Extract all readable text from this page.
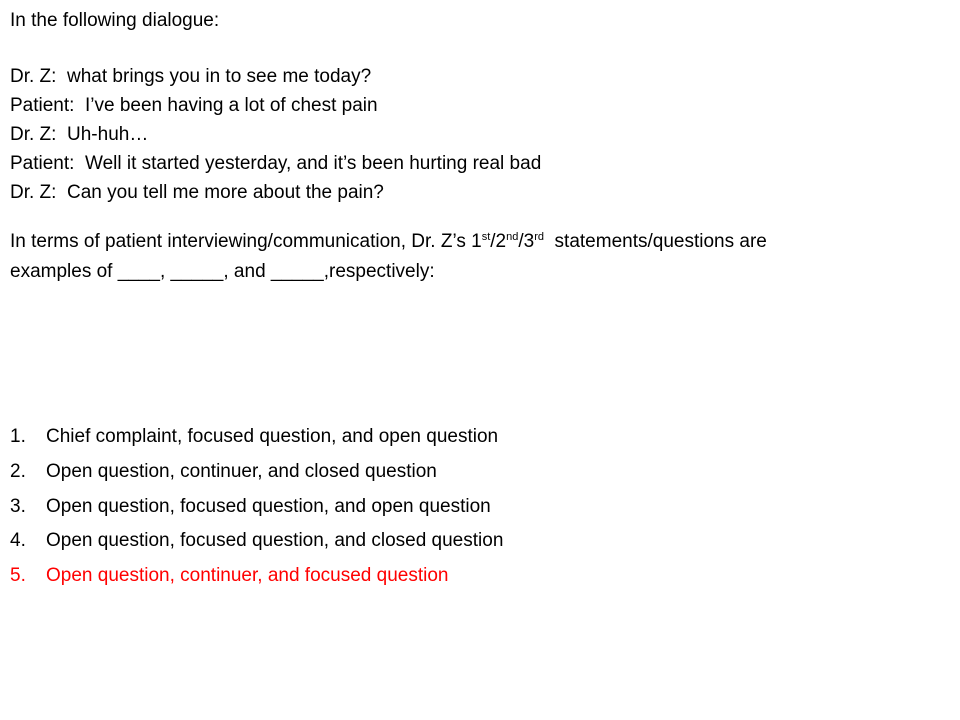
In the following dialogue:
Dr. Z: what brings you in to see me today?
Patient: I’ve been having a lot of chest pain
Dr. Z: Uh-huh…
Patient: Well it started yesterday, and it’s been hurting real bad
Dr. Z: Can you tell me more about the pain?
In terms of patient interviewing/communication, Dr. Z’s 1st/2nd/3rd  statements/questions are
examples of ____, _____, and _____,respectively:
1. Chief complaint, focused question, and open question
2. Open question, continuer, and closed question
3. Open question, focused question, and open question
4. Open question, focused question, and closed question
5. Open question, continuer, and focused question
